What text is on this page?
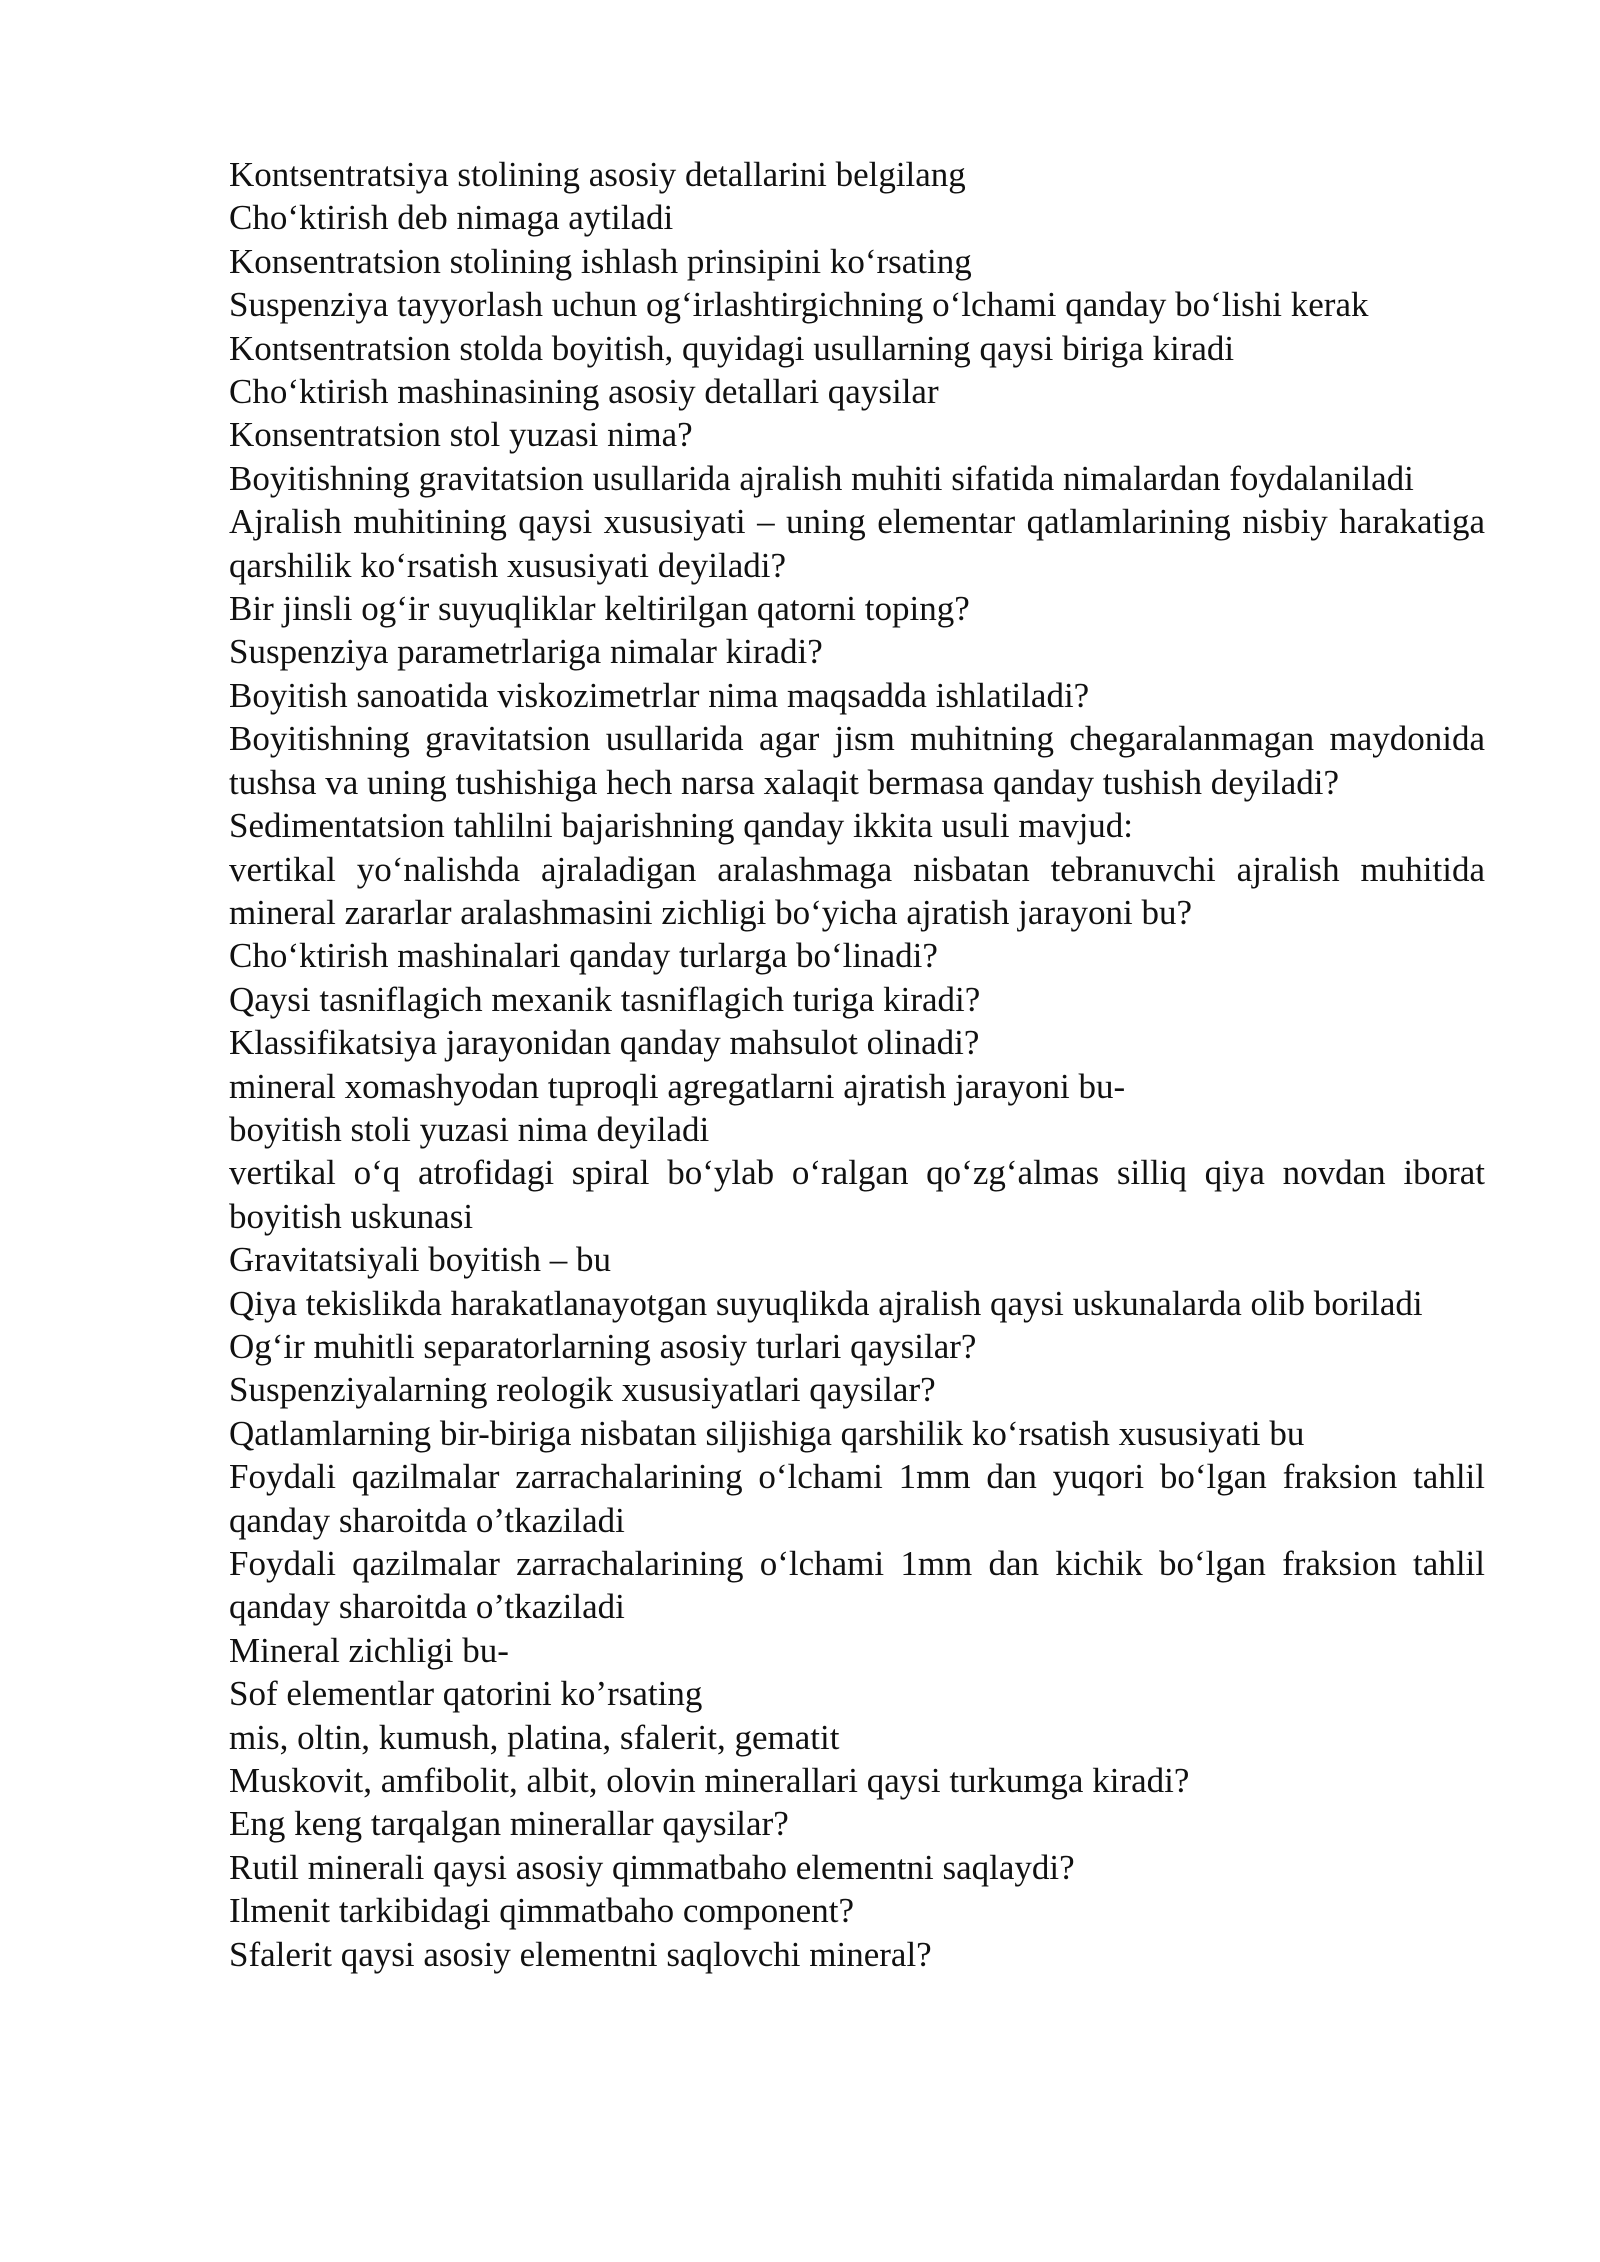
Kontsentratsiya stolining asosiy detallarini belgilang

Cho‘ktirish deb nimaga aytiladi

Konsentratsion stolining ishlash prinsipini ko‘rsating

Suspenziya tayyorlash uchun og‘irlashtirgichning o‘lchami qanday bo‘lishi kerak

Kontsentratsion stolda boyitish, quyidagi usullarning qaysi biriga kiradi

Cho‘ktirish mashinasining asosiy detallari qaysilar

Konsentratsion stol yuzasi nima?

Boyitishning gravitatsion usullarida ajralish muhiti sifatida nimalardan foydalaniladi

Ajralish muhitining qaysi xususiyati – uning elementar qatlamlarining nisbiy harakatiga qarshilik ko‘rsatish xususiyati deyiladi?

Bir jinsli og‘ir suyuqliklar keltirilgan qatorni toping?

Suspenziya parametrlariga nimalar kiradi?

Boyitish sanoatida viskozimetrlar nima maqsadda ishlatiladi?

Boyitishning gravitatsion usullarida agar jism muhitning chegaralanmagan maydonida tushsa va uning tushishiga hech narsa xalaqit bermasa qanday tushish deyiladi?

Sedimentatsion tahlilni bajarishning qanday ikkita usuli mavjud:

vertikal yo‘nalishda ajraladigan aralashmaga nisbatan tebranuvchi ajralish muhitida mineral zararlar aralashmasini zichligi bo‘yicha ajratish jarayoni bu?

Cho‘ktirish mashinalari qanday turlarga bo‘linadi?

Qaysi tasniflagich mexanik tasniflagich turiga kiradi?

Klassifikatsiya jarayonidan qanday mahsulot olinadi?

mineral xomashyodan tuproqli agregatlarni ajratish jarayoni bu-

boyitish stoli yuzasi nima deyiladi

vertikal o‘q atrofidagi spiral bo‘ylab o‘ralgan qo‘zg‘almas silliq qiya novdan iborat boyitish uskunasi

Gravitatsiyali boyitish – bu

Qiya tekislikda harakatlanayotgan suyuqlikda ajralish qaysi uskunalarda olib boriladi

Og‘ir muhitli separatorlarning asosiy turlari qaysilar?

Suspenziyalarning reologik xususiyatlari qaysilar?

Qatlamlarning bir-biriga nisbatan siljishiga qarshilik ko‘rsatish xususiyati bu

Foydali qazilmalar zarrachalarining o‘lchami 1mm dan yuqori bo‘lgan fraksion tahlil qanday sharoitda o’tkaziladi

Foydali qazilmalar zarrachalarining o‘lchami 1mm dan kichik bo‘lgan fraksion tahlil qanday sharoitda o’tkaziladi

Mineral zichligi bu-

Sof elementlar qatorini ko’rsating

mis, oltin, kumush, platina, sfalerit, gematit

Muskovit, amfibolit, albit, olovin minerallari qaysi turkumga kiradi?

Eng keng tarqalgan minerallar qaysilar?

Rutil minerali qaysi asosiy qimmatbaho elementni saqlaydi?

Ilmenit tarkibidagi qimmatbaho component?

Sfalerit qaysi asosiy elementni saqlovchi mineral?
